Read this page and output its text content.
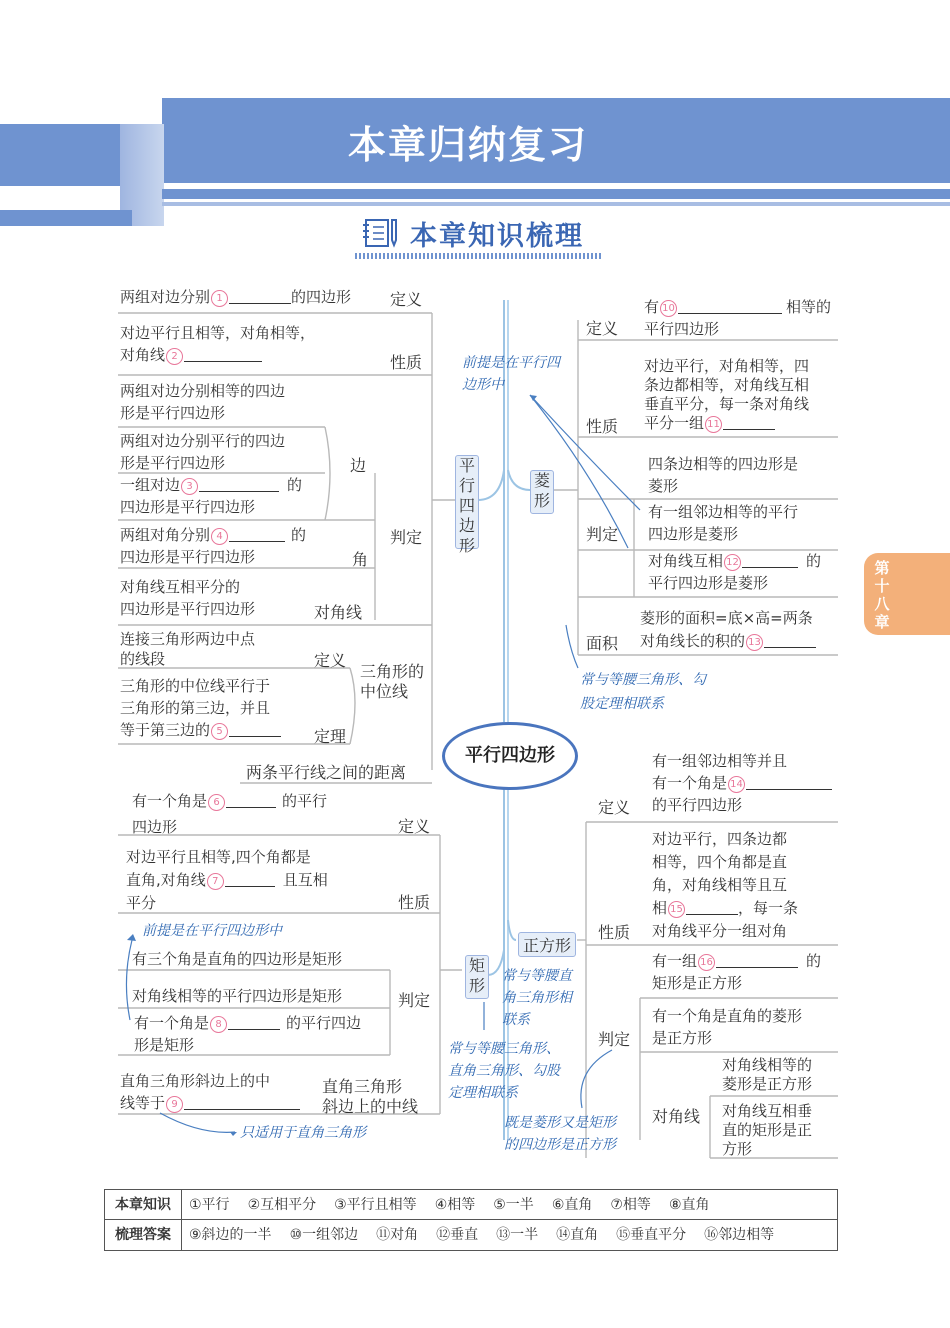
本章归纳复习
本章知识梳理
两组对边分别 1	的四边形 定义
对边平行且相等，对角相等，
对角线 2	性质
两组对边分别相等的四边
形是平行四边形
两组对边分别平行的四边
形是平行四边形
一组对边 3	的
四边形是平行四边形
边
两组对角分别 4	的
四边形是平行四边形	角
判定
对角线互相平分的
四边形是平行四边形	对角线
平
行
四
边
形
连接三角形两边中点
的线段	定义
三角形的中位线平行于
三角形的第三边，并且
等于第三边的 5	定理
三角形的中位线
两条平行线之间的距离
有一个角是 6	的平行
四边形	定义
对边平行且相等,四个角都是
直角,对角线 7	且互相
平分	性质
前提是在平行四边形中
有三个角是直角的四边形是矩形
对角线相等的平行四边形是矩形	判定
有一个角是 8	的平行四边
形是矩形
矩
形
常与等腰三角形、直角三角形、勾股定理相联系
直角三角形斜边上的中
线等于 9
直角三角形
斜边上的中线
只适用于直角三角形
平行四边形
菱
形
前提是在平行四边形中
有 10	相等的
平行四边形
定义
对边平行，对角相等，四
条边都相等，对角线互相
垂直平分，每一条对角线
平分一组 11
性质
四条边相等的四边形是
菱形
有一组邻边相等的平行
四边形是菱形
判定
对角线互相 12	的
平行四边形是菱形
菱形的面积=底×高=两条
对角线长的积的 13
面积
常与等腰三角形、勾股定理相联系
第
十
八
章
正方形
有一组邻边相等并且
有一个角是 14
的平行四边形
定义
对边平行，四条边都
相等，四个角都是直
角，对角线相等且互
相 15	，每一条
对角线平分一组对角
性质
常与等腰直
角三角形相
联系
有一组 16	的
矩形是正方形
有一个角是直角的菱形
是正方形
判定
对角线相等的
菱形是正方形
对角线互相垂
直的矩形是正
方形
对角线
既是菱形又是矩形
的四边形是正方形
本章知识
梳理答案
①平行 ②互相平分 ③平行且相等 ④相等 ⑤一半 ⑥直角 ⑦相等 ⑧直角
⑨斜边的一半 ⑩一组邻边 ⑪对角 ⑫垂直 ⑬一半 ⑭直角 ⑮垂直平分 ⑯邻边相等
